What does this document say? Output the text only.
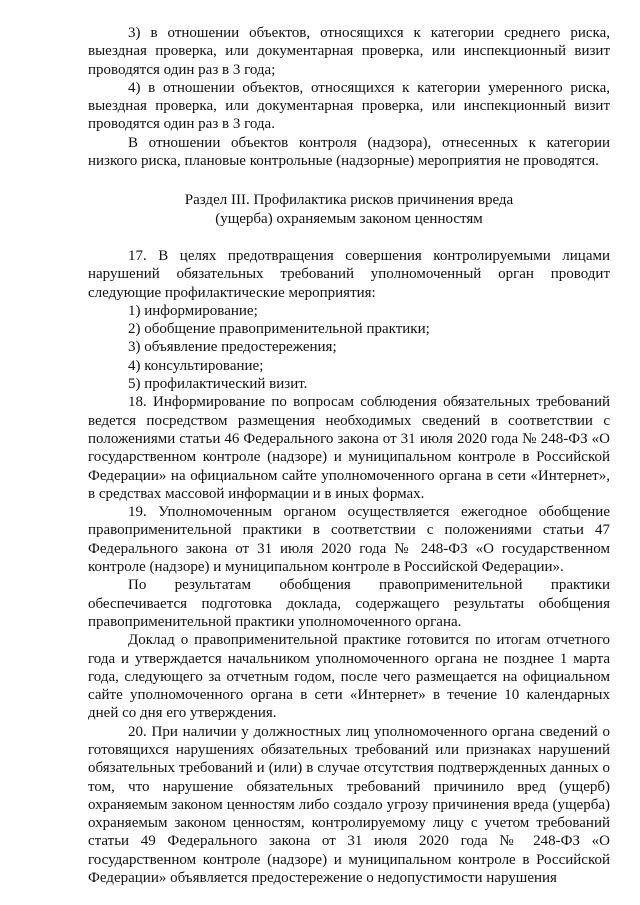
3) в отношении объектов, относящихся к категории среднего риска, выездная проверка, или документарная проверка, или инспекционный визит проводятся один раз в 3 года;

4) в отношении объектов, относящихся к категории умеренного риска, выездная проверка, или документарная проверка, или инспекционный визит проводятся один раз в 3 года.

В отношении объектов контроля (надзора), отнесенных к категории низкого риска, плановые контрольные (надзорные) мероприятия не проводятся.

Раздел III. Профилактика рисков причинения вреда
(ущерба) охраняемым законом ценностям

17. В целях предотвращения совершения контролируемыми лицами нарушений обязательных требований уполномоченный орган проводит следующие профилактические мероприятия:

1) информирование;

2) обобщение правоприменительной практики;

3) объявление предостережения;

4) консультирование;

5) профилактический визит.

18. Информирование по вопросам соблюдения обязательных требований ведется посредством размещения необходимых сведений в соответствии с положениями статьи 46 Федерального закона от 31 июля 2020 года № 248-ФЗ «О государственном контроле (надзоре) и муниципальном контроле в Российской Федерации» на официальном сайте уполномоченного органа в сети «Интернет», в средствах массовой информации и в иных формах.

19. Уполномоченным органом осуществляется ежегодное обобщение правоприменительной практики в соответствии с положениями статьи 47 Федерального закона от 31 июля 2020 года № 248-ФЗ «О государственном контроле (надзоре) и муниципальном контроле в Российской Федерации».

По результатам обобщения правоприменительной практики обеспечивается подготовка доклада, содержащего результаты обобщения правоприменительной практики уполномоченного органа.

Доклад о правоприменительной практике готовится по итогам отчетного года и утверждается начальником уполномоченного органа не позднее 1 марта года, следующего за отчетным годом, после чего размещается на официальном сайте уполномоченного органа в сети «Интернет» в течение 10 календарных дней со дня его утверждения.

20. При наличии у должностных лиц уполномоченного органа сведений о готовящихся нарушениях обязательных требований или признаках нарушений обязательных требований и (или) в случае отсутствия подтвержденных данных о том, что нарушение обязательных требований причинило вред (ущерб) охраняемым законом ценностям либо создало угрозу причинения вреда (ущерба) охраняемым законом ценностям, контролируемому лицу с учетом требований статьи 49 Федерального закона от 31 июля 2020 года № 248-ФЗ «О государственном контроле (надзоре) и муниципальном контроле в Российской Федерации» объявляется предостережение о недопустимости нарушения
